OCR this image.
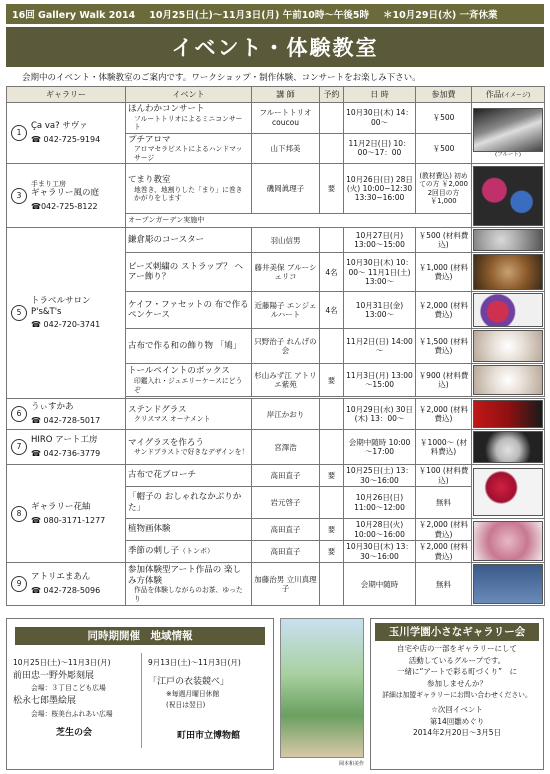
16回 Gallery Walk 2014 10月25日(土)～11月3日(月) 午前10時～午後5時 ＊10月29日(水) 一斉休業
イベント・体験教室
会期中のイベント・体験教室のご案内です。ワークショップ・制作体験、コンサートをお楽しみ下さい。
ギャラリー	イベント	講 師	予約	日 時	参加費	作品(イメージ)

1
Ça va? サヴァ
☎ 042-725-9194	ほんわかコンサート
フルートトリオによるミニコンサート	フルートトリオ coucou		10月30日(木) 14：00～	￥500	(フルート)

	プチアロマ
アロマセラピストによるハンドマッサージ	山下邦美		11月2日(日) 10：00～17：00	￥500	

3
手まり工房
ギャラリー風の庭
☎042-725-8122	てまり教室
地巻き、地割りした「まり」に巻きかがりをします	磯岡眞理子	要	10月26日(日) 28日(火) 10:00~12:30 13:30~16:00	(教材費込) 初めての方 ￥2,000 2回目の方 ￥1,000	

	オープンガーデン実施中					

5
トラベルサロン P's&T's
☎ 042-720-3741	鎌倉彫のコースター	羽山信男		10月27日(月) 13:00～15:00	￥500 (材料費込)	

	ビーズ刺繍の ストラップ？ ヘアー飾り？	藤井美保 ブルーシェリコ	4名	10月30日(木) 10：00～ 11月1日(土) 13:00～	￥1,000 (材料費込)	

	ケイフ・ファセットの 布で作るペンケース	近藤陽子 エンジェルハート	4名	10月31日(金) 13:00～	￥2,000 (材料費込)	

	古布で作る和の飾り物 「鳩」	只野治子 れんげの会		11月2日(日) 14:00～	￥1,500 (材料費込)	

	トールペイントのボックス
印鑑入れ・ジュエリーケースにどうぞ	杉山みず江 アトリエ紫苑	要	11月3日(月) 13:00～15:00	￥900 (材料費込)	

6
うぃすかあ
☎ 042-728-5017	ステンドグラス
クリスマス オーナメント	岸江かおり		10月29日(水) 30日(木) 13：00～	￥2,000 (材料費込)	

7
HIRO アート工房
☎ 042-736-3779	マイグラスを作ろう
サンドブラストで好きなデザインを！	宮澤浩		会期中随時 10:00～17:00	￥1000～ (材料費込)	

8
ギャラリー花紬
☎ 080-3171-1277	古布で花ブローチ	高田直子	要	10月25日(土) 13：30～16:00	￥100 (材料費込)	

	「帽子の おしゃれなかぶりかた」	岩元啓子		10月26日(日) 11:00～12:00	無料	
	植物画体験	高田直子	要	10月28日(火) 10:00～16:00	￥2,000 (材料費込)	

	季節の刺し子（トンボ）	高田直子	要	10月30日(木) 13：30～16:00	￥2,000 (材料費込)	

9
アトリエまあん
☎ 042-728-5096	参加体験型アート作品の 楽しみ方体験
作品を体験しながらのお茶、ゆったり	加藤治男 立川真理子		会期中随時	無料	
同時期開催　地域情報
10月25日(土)～11月3日(月)
前田忠一野外彫刻展
会場：３丁目こども広場
松永七郎墨絵展
会場：桜美台ふれあい広場
芝生の会
9月13日(土)～11月3日(月)
「江戸の衣装競べ」
※毎週月曜日休館
(祝日は翌日)
町田市立博物館
岡本和美作
玉川学園小さなギャラリー会

自宅や店の一部をギャラリーにして

活動しているグループです。

一緒に“アートで彩る町づくり”　に

参加しませんか？

詳細は加盟ギャラリーにお問い合わせください。

☆次回イベント

第14回雛めぐり

2014年2月20日～3月5日
